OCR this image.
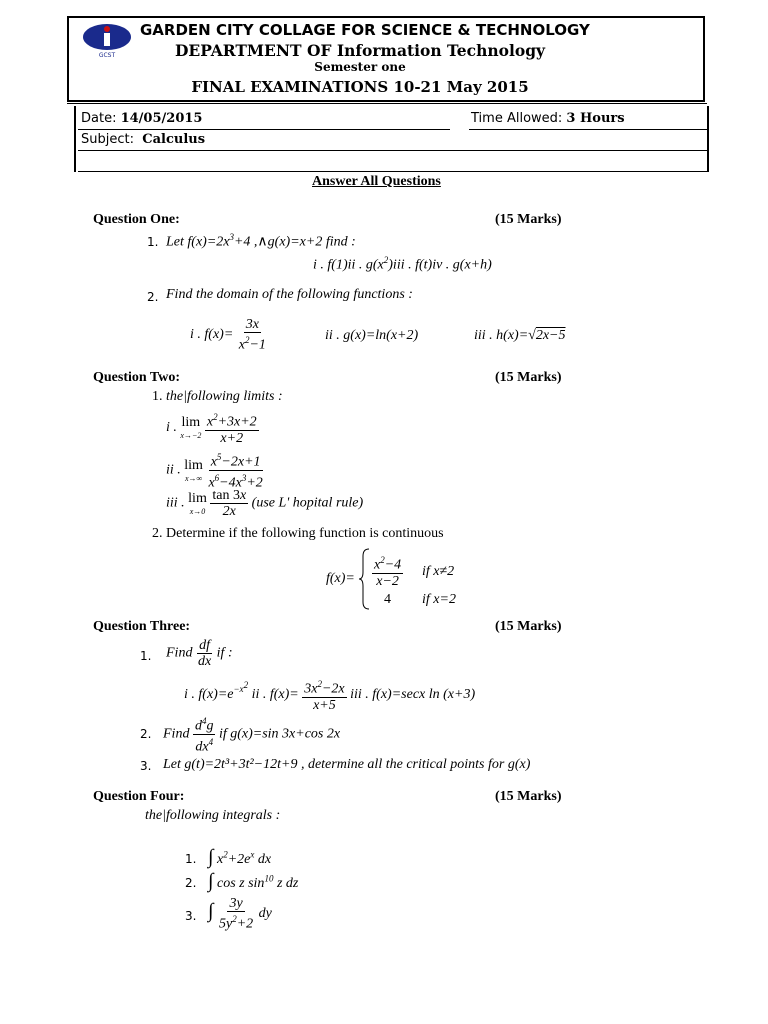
GCST
GARDEN CITY COLLAGE FOR SCIENCE & TECHNOLOGY
DEPARTMENT OF Information Technology
Semester one
FINAL EXAMINATIONS 10-21 May 2015
Date: 14/05/2015	Time Allowed: 3 Hours
Subject: Calculus
Answer All Questions
Question One:	(15 Marks)
1. Let $f(x)=2x^3+4$ ,∧g(x)=x+2 find :
i . f(1)ii . $g(x^2)iii$ . f(t)iv . g(x+h)
2. Find the domain of the following functions :
i . $f(x)= \frac{3x}{x^2-1}$	ii . g(x)=ln(x+2)	iii . h(x)=√2x−5
Question Two:	(15 Marks)
1. the|following limits :
i . lim
x→−2
$\frac{x^2+3x+2}{x+2}$
ii . lim
x→∞
$\frac{x^5-2x+1}{x^6-4x^3+2}$
iii . lim
x→0
$\frac{\tan 3x}{2x} (use$ L' hopital rule)
2. Determine if the following function is continuous
$f(x)= \frac{x^2-4}{x-2}$ if x≠2
4 if x=2
Question Three:	(15 Marks)
1. Find $\frac{df}{dx}$ if :
i . $f(x)=e^{-x^2}$ ii . $f(x)= \frac{3x^2-2x}{x+5}$ iii . f(x)=secx ln (x+3)
2. Find $\frac{d^4g}{dx^4}$ if g(x)=sin 3x+cos 2x
3. Let g(t)=2t³+3t²−12t+9 , determine all the critical points for g(x)
Question Four:	(15 Marks)
the|following integrals :
1. ∫ $x^2+2e^x$ dx
2. ∫ cos z $\sin^{10} z$ dz
3. ∫ $\frac{3y}{5y^2+2}$ dy
